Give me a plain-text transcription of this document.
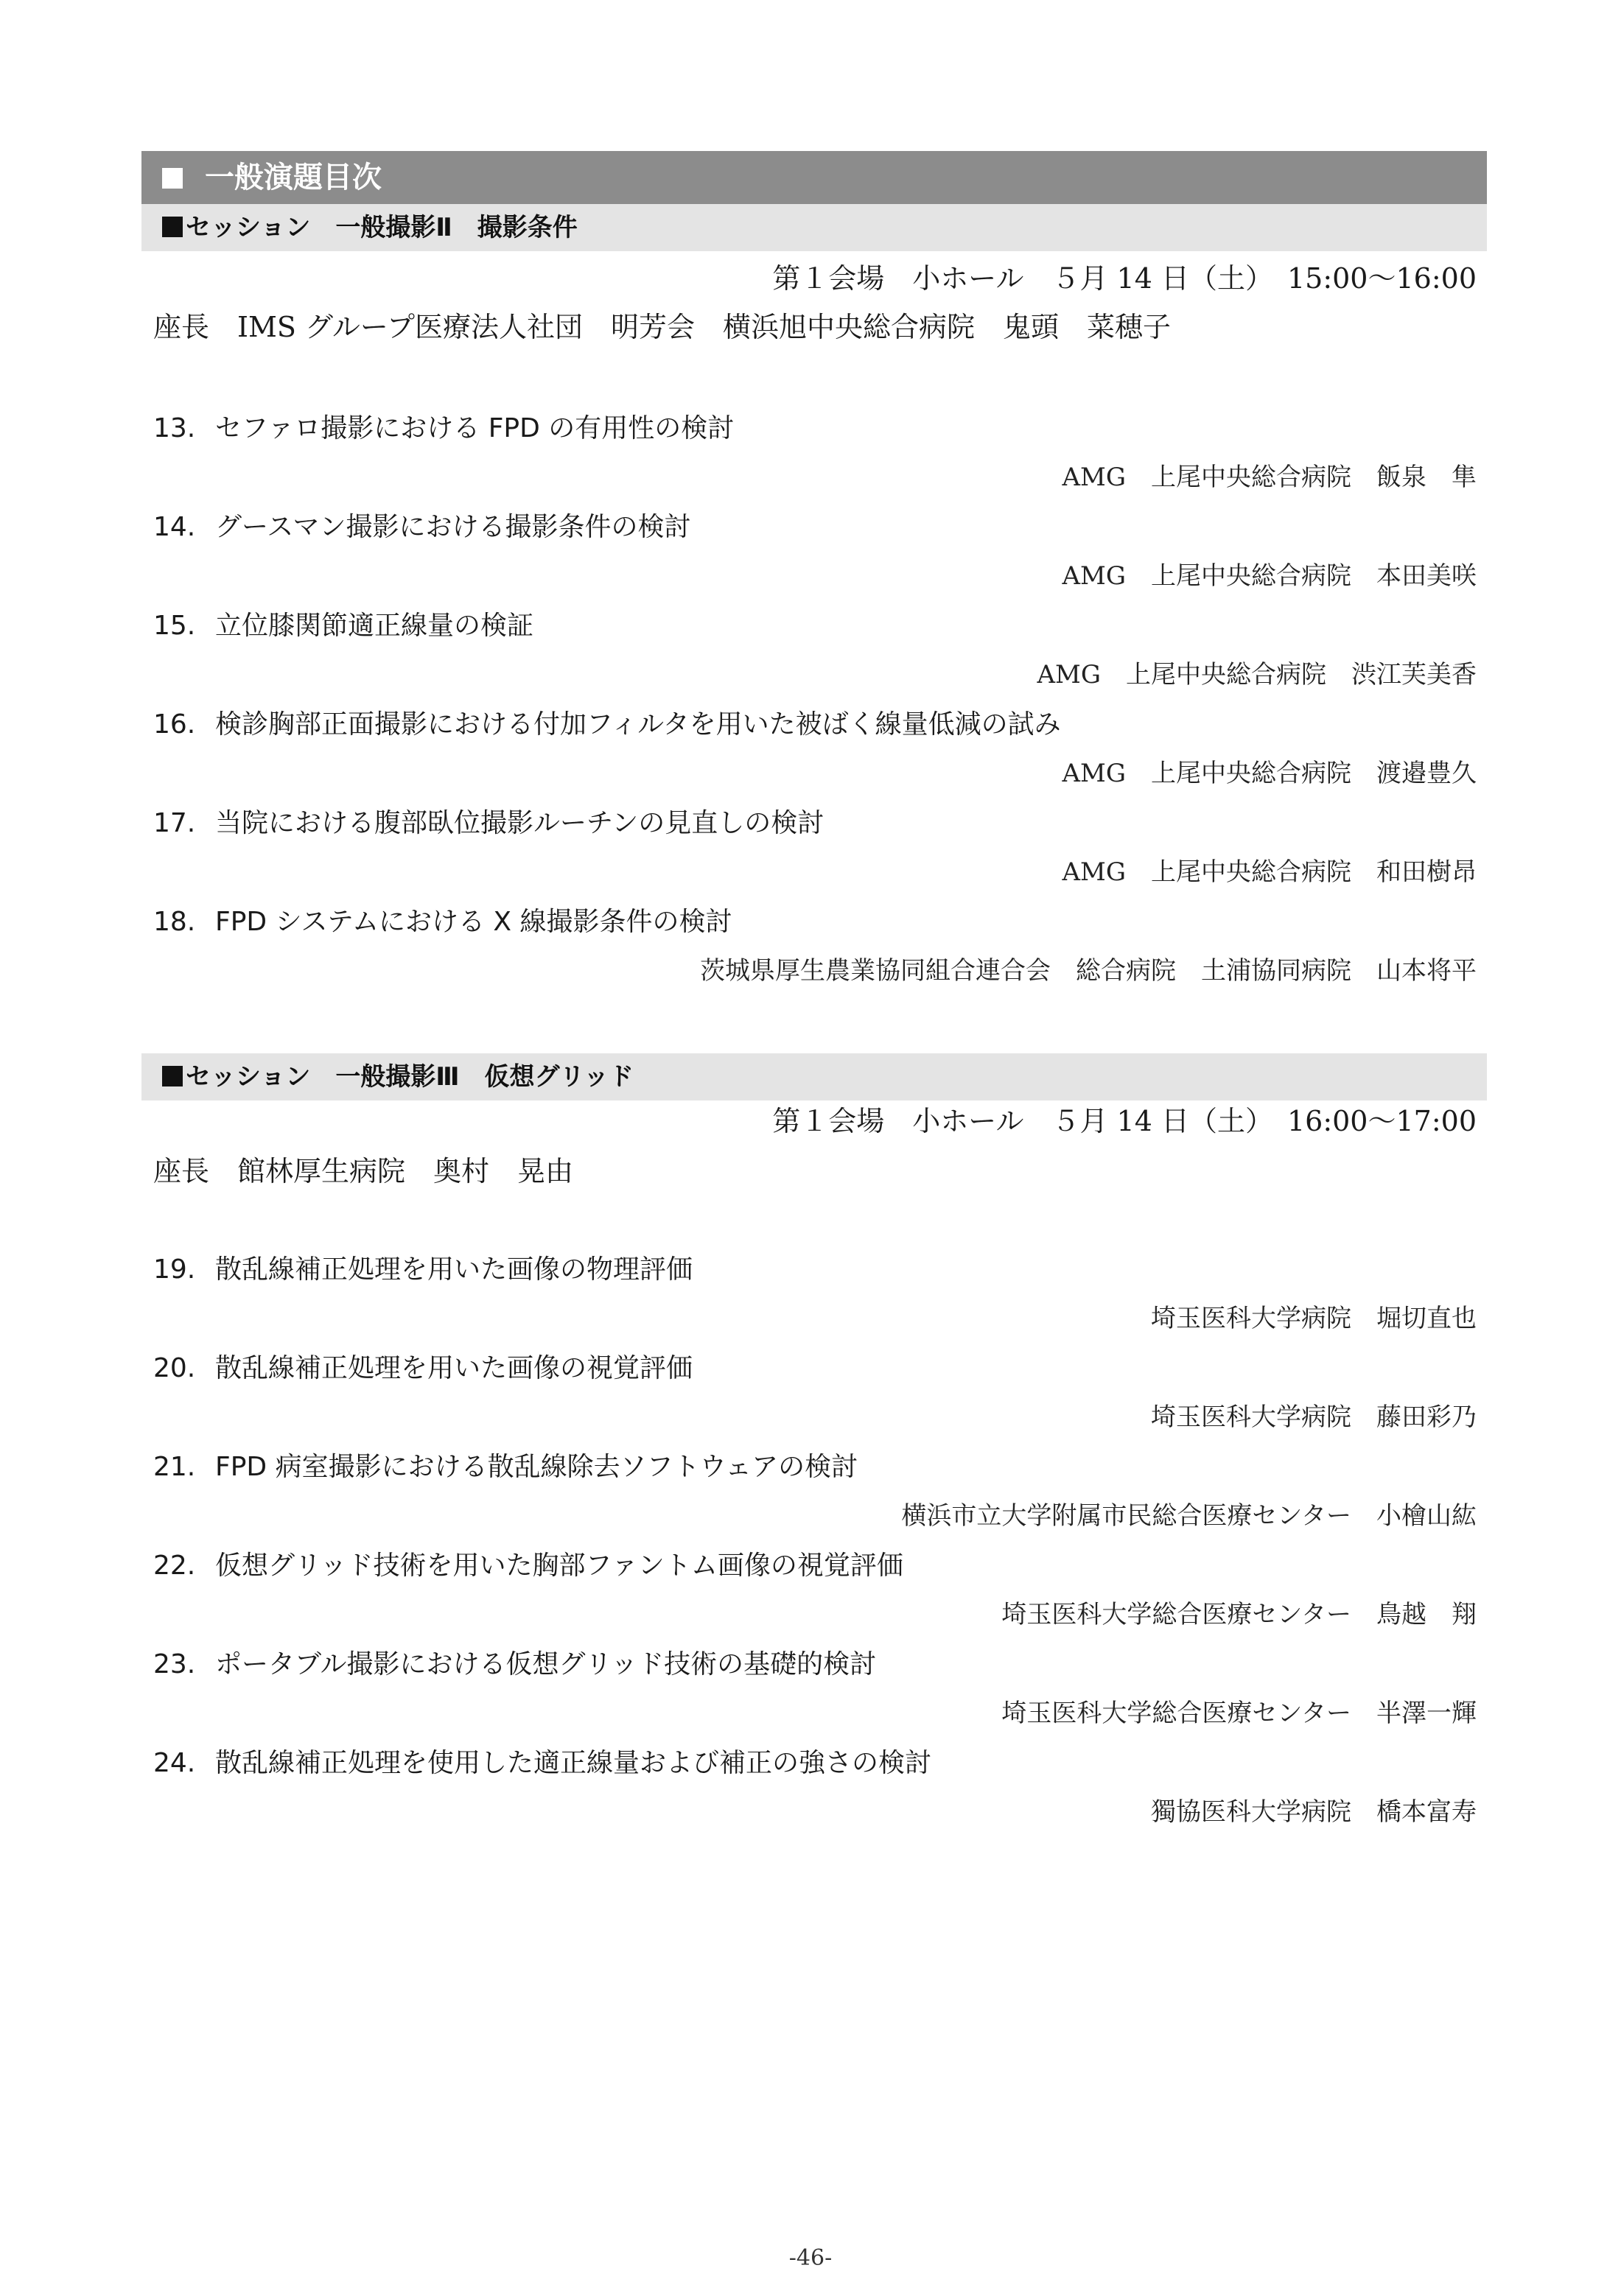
一般演題目次
セッション　一般撮影Ⅱ　撮影条件
第１会場　小ホール　５月 14 日（土）　15:00～16:00
座長　IMS グループ医療法人社団　明芳会　横浜旭中央総合病院　鬼頭　菜穂子
13. セファロ撮影における FPD の有用性の検討
AMG　上尾中央総合病院　飯泉　隼
14. グースマン撮影における撮影条件の検討
AMG　上尾中央総合病院　本田美咲
15. 立位膝関節適正線量の検証
AMG　上尾中央総合病院　渋江芙美香
16. 検診胸部正面撮影における付加フィルタを用いた被ばく線量低減の試み
AMG　上尾中央総合病院　渡邉豊久
17. 当院における腹部臥位撮影ルーチンの見直しの検討
AMG　上尾中央総合病院　和田樹昂
18. FPD システムにおける X 線撮影条件の検討
茨城県厚生農業協同組合連合会　総合病院　土浦協同病院　山本将平
セッション　一般撮影Ⅲ　仮想グリッド
第１会場　小ホール　５月 14 日（土）　16:00～17:00
座長　館林厚生病院　奥村　晃由
19. 散乱線補正処理を用いた画像の物理評価
埼玉医科大学病院　堀切直也
20. 散乱線補正処理を用いた画像の視覚評価
埼玉医科大学病院　藤田彩乃
21. FPD 病室撮影における散乱線除去ソフトウェアの検討
横浜市立大学附属市民総合医療センター　小檜山紘
22. 仮想グリッド技術を用いた胸部ファントム画像の視覚評価
埼玉医科大学総合医療センター　鳥越　翔
23. ポータブル撮影における仮想グリッド技術の基礎的検討
埼玉医科大学総合医療センター　半澤一輝
24. 散乱線補正処理を使用した適正線量および補正の強さの検討
獨協医科大学病院　橋本富寿
-46-
